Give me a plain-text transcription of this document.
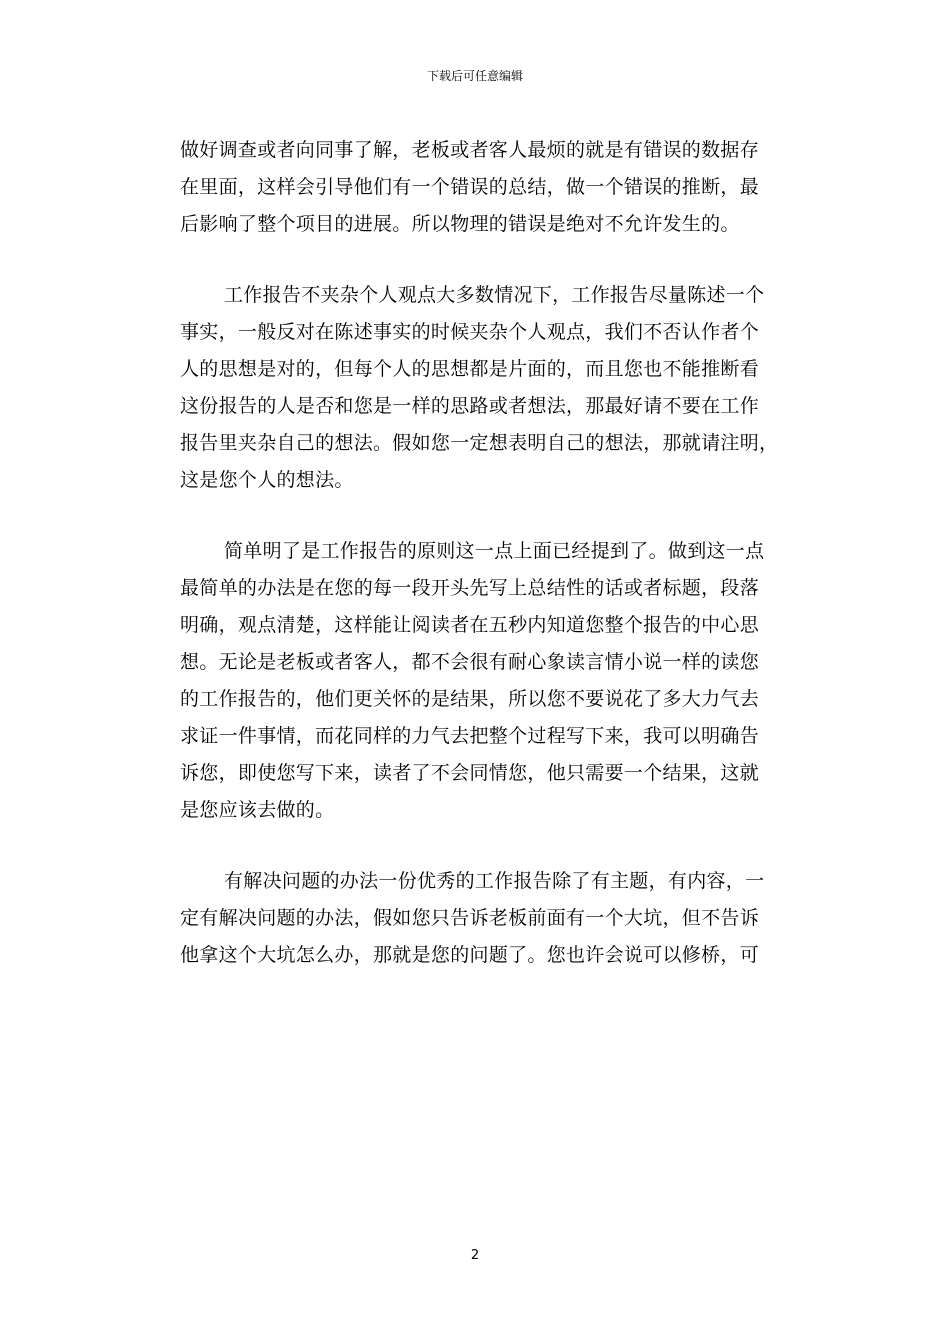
下载后可任意编辑

做好调查或者向同事了解，老板或者客人最烦的就是有错误的数据存
在里面，这样会引导他们有一个错误的总结，做一个错误的推断，最
后影响了整个项目的进展。所以物理的错误是绝对不允许发生的。

工作报告不夹杂个人观点大多数情况下，工作报告尽量陈述一个
事实，一般反对在陈述事实的时候夹杂个人观点，我们不否认作者个
人的思想是对的，但每个人的思想都是片面的，而且您也不能推断看
这份报告的人是否和您是一样的思路或者想法，那最好请不要在工作
报告里夹杂自己的想法。假如您一定想表明自己的想法，那就请注明，
这是您个人的想法。

简单明了是工作报告的原则这一点上面已经提到了。做到这一点
最简单的办法是在您的每一段开头先写上总结性的话或者标题，段落
明确，观点清楚，这样能让阅读者在五秒内知道您整个报告的中心思
想。无论是老板或者客人，都不会很有耐心象读言情小说一样的读您
的工作报告的，他们更关怀的是结果，所以您不要说花了多大力气去
求证一件事情，而花同样的力气去把整个过程写下来，我可以明确告
诉您，即使您写下来，读者了不会同情您，他只需要一个结果，这就
是您应该去做的。

有解决问题的办法一份优秀的工作报告除了有主题，有内容，一
定有解决问题的办法，假如您只告诉老板前面有一个大坑，但不告诉
他拿这个大坑怎么办，那就是您的问题了。您也许会说可以修桥，可

2
